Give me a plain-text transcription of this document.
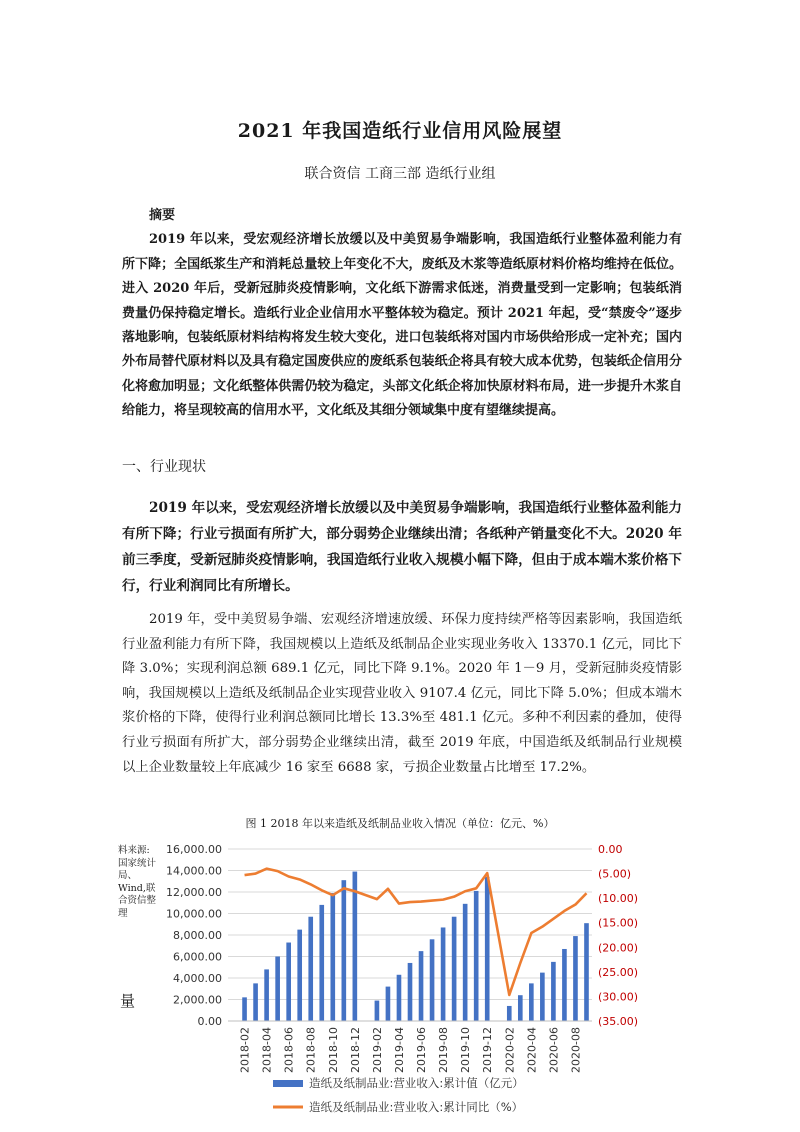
2021 年我国造纸行业信用风险展望
联合资信 工商三部 造纸行业组
摘要
2019 年以来，受宏观经济增长放缓以及中美贸易争端影响，我国造纸行业整体盈利能力有所下降；全国纸浆生产和消耗总量较上年变化不大，废纸及木浆等造纸原材料价格均维持在低位。进入 2020 年后，受新冠肺炎疫情影响，文化纸下游需求低迷，消费量受到一定影响；包装纸消费量仍保持稳定增长。造纸行业企业信用水平整体较为稳定。预计 2021 年起，受“禁废令”逐步落地影响，包装纸原材料结构将发生较大变化，进口包装纸将对国内市场供给形成一定补充；国内外布局替代原材料以及具有稳定国废供应的废纸系包装纸企将具有较大成本优势，包装纸企信用分化将愈加明显；文化纸整体供需仍较为稳定，头部文化纸企将加快原材料布局，进一步提升木浆自给能力，将呈现较高的信用水平，文化纸及其细分领域集中度有望继续提高。
一、行业现状
2019 年以来，受宏观经济增长放缓以及中美贸易争端影响，我国造纸行业整体盈利能力有所下降；行业亏损面有所扩大，部分弱势企业继续出清；各纸种产销量变化不大。2020 年前三季度，受新冠肺炎疫情影响，我国造纸行业收入规模小幅下降，但由于成本端木浆价格下行，行业利润同比有所增长。
2019 年，受中美贸易争端、宏观经济增速放缓、环保力度持续严格等因素影响，我国造纸行业盈利能力有所下降，我国规模以上造纸及纸制品企业实现业务收入 13370.1 亿元，同比下降 3.0%；实现利润总额 689.1 亿元，同比下降 9.1%。2020 年 1－9 月，受新冠肺炎疫情影响，我国规模以上造纸及纸制品企业实现营业收入 9107.4 亿元，同比下降 5.0%；但成本端木浆价格的下降，使得行业利润总额同比增长 13.3%至 481.1 亿元。多种不利因素的叠加，使得行业亏损面有所扩大，部分弱势企业继续出清，截至 2019 年底，中国造纸及纸制品行业规模以上企业数量较上年底减少 16 家至 6688 家，亏损企业数量占比增至 17.2%。
图 1 2018 年以来造纸及纸制品业收入情况（单位：亿元、%）
料来源:国家统计局、Wind,联合资信整理
量
16,000.00
14,000.00
12,000.00
10,000.00
8,000.00
6,000.00
4,000.00
2,000.00
0.00
0.00
(5.00)
(10.00)
(15.00)
(20.00)
(25.00)
(30.00)
(35.00)
2018-02 2018-04 2018-06 2018-08 2018-10 2018-12 2019-02 2019-04 2019-06 2019-08 2019-10 2019-12 2020-02 2020-04 2020-06 2020-08
造纸及纸制品业:营业收入:累计值（亿元）
造纸及纸制品业:营业收入:累计同比（%）
